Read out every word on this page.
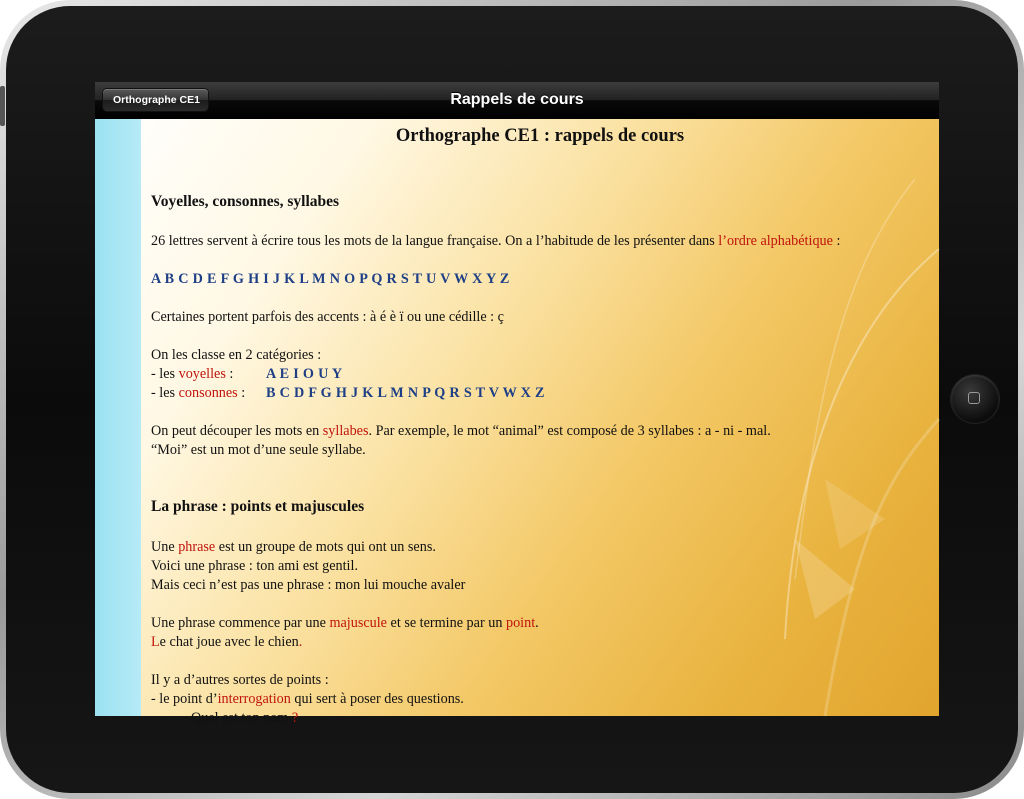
Orthographe CE1	Rappels de cours
Orthographe CE1 : rappels de cours
Voyelles, consonnes, syllabes
26 lettres servent à écrire tous les mots de la langue française. On a l’habitude de les présenter dans l’ordre alphabétique :
A B C D E F G H I J K L M N O P Q R S T U V W X Y Z
Certaines portent parfois des accents : à é è ï ou une cédille : ç
On les classe en 2 catégories :
- les voyelles : A E I O U Y
- les consonnes : B C D F G H J K L M N P Q R S T V W X Z
On peut découper les mots en syllabes. Par exemple, le mot “animal” est composé de 3 syllabes : a - ni - mal.
“Moi” est un mot d’une seule syllabe.
La phrase : points et majuscules
Une phrase est un groupe de mots qui ont un sens.
Voici une phrase : ton ami est gentil.
Mais ceci n’est pas une phrase : mon lui mouche avaler
Une phrase commence par une majuscule et se termine par un point.
Le chat joue avec le chien.
Il y a d’autres sortes de points :
- le point d’interrogation qui sert à poser des questions.
Quel est ton nom ?
